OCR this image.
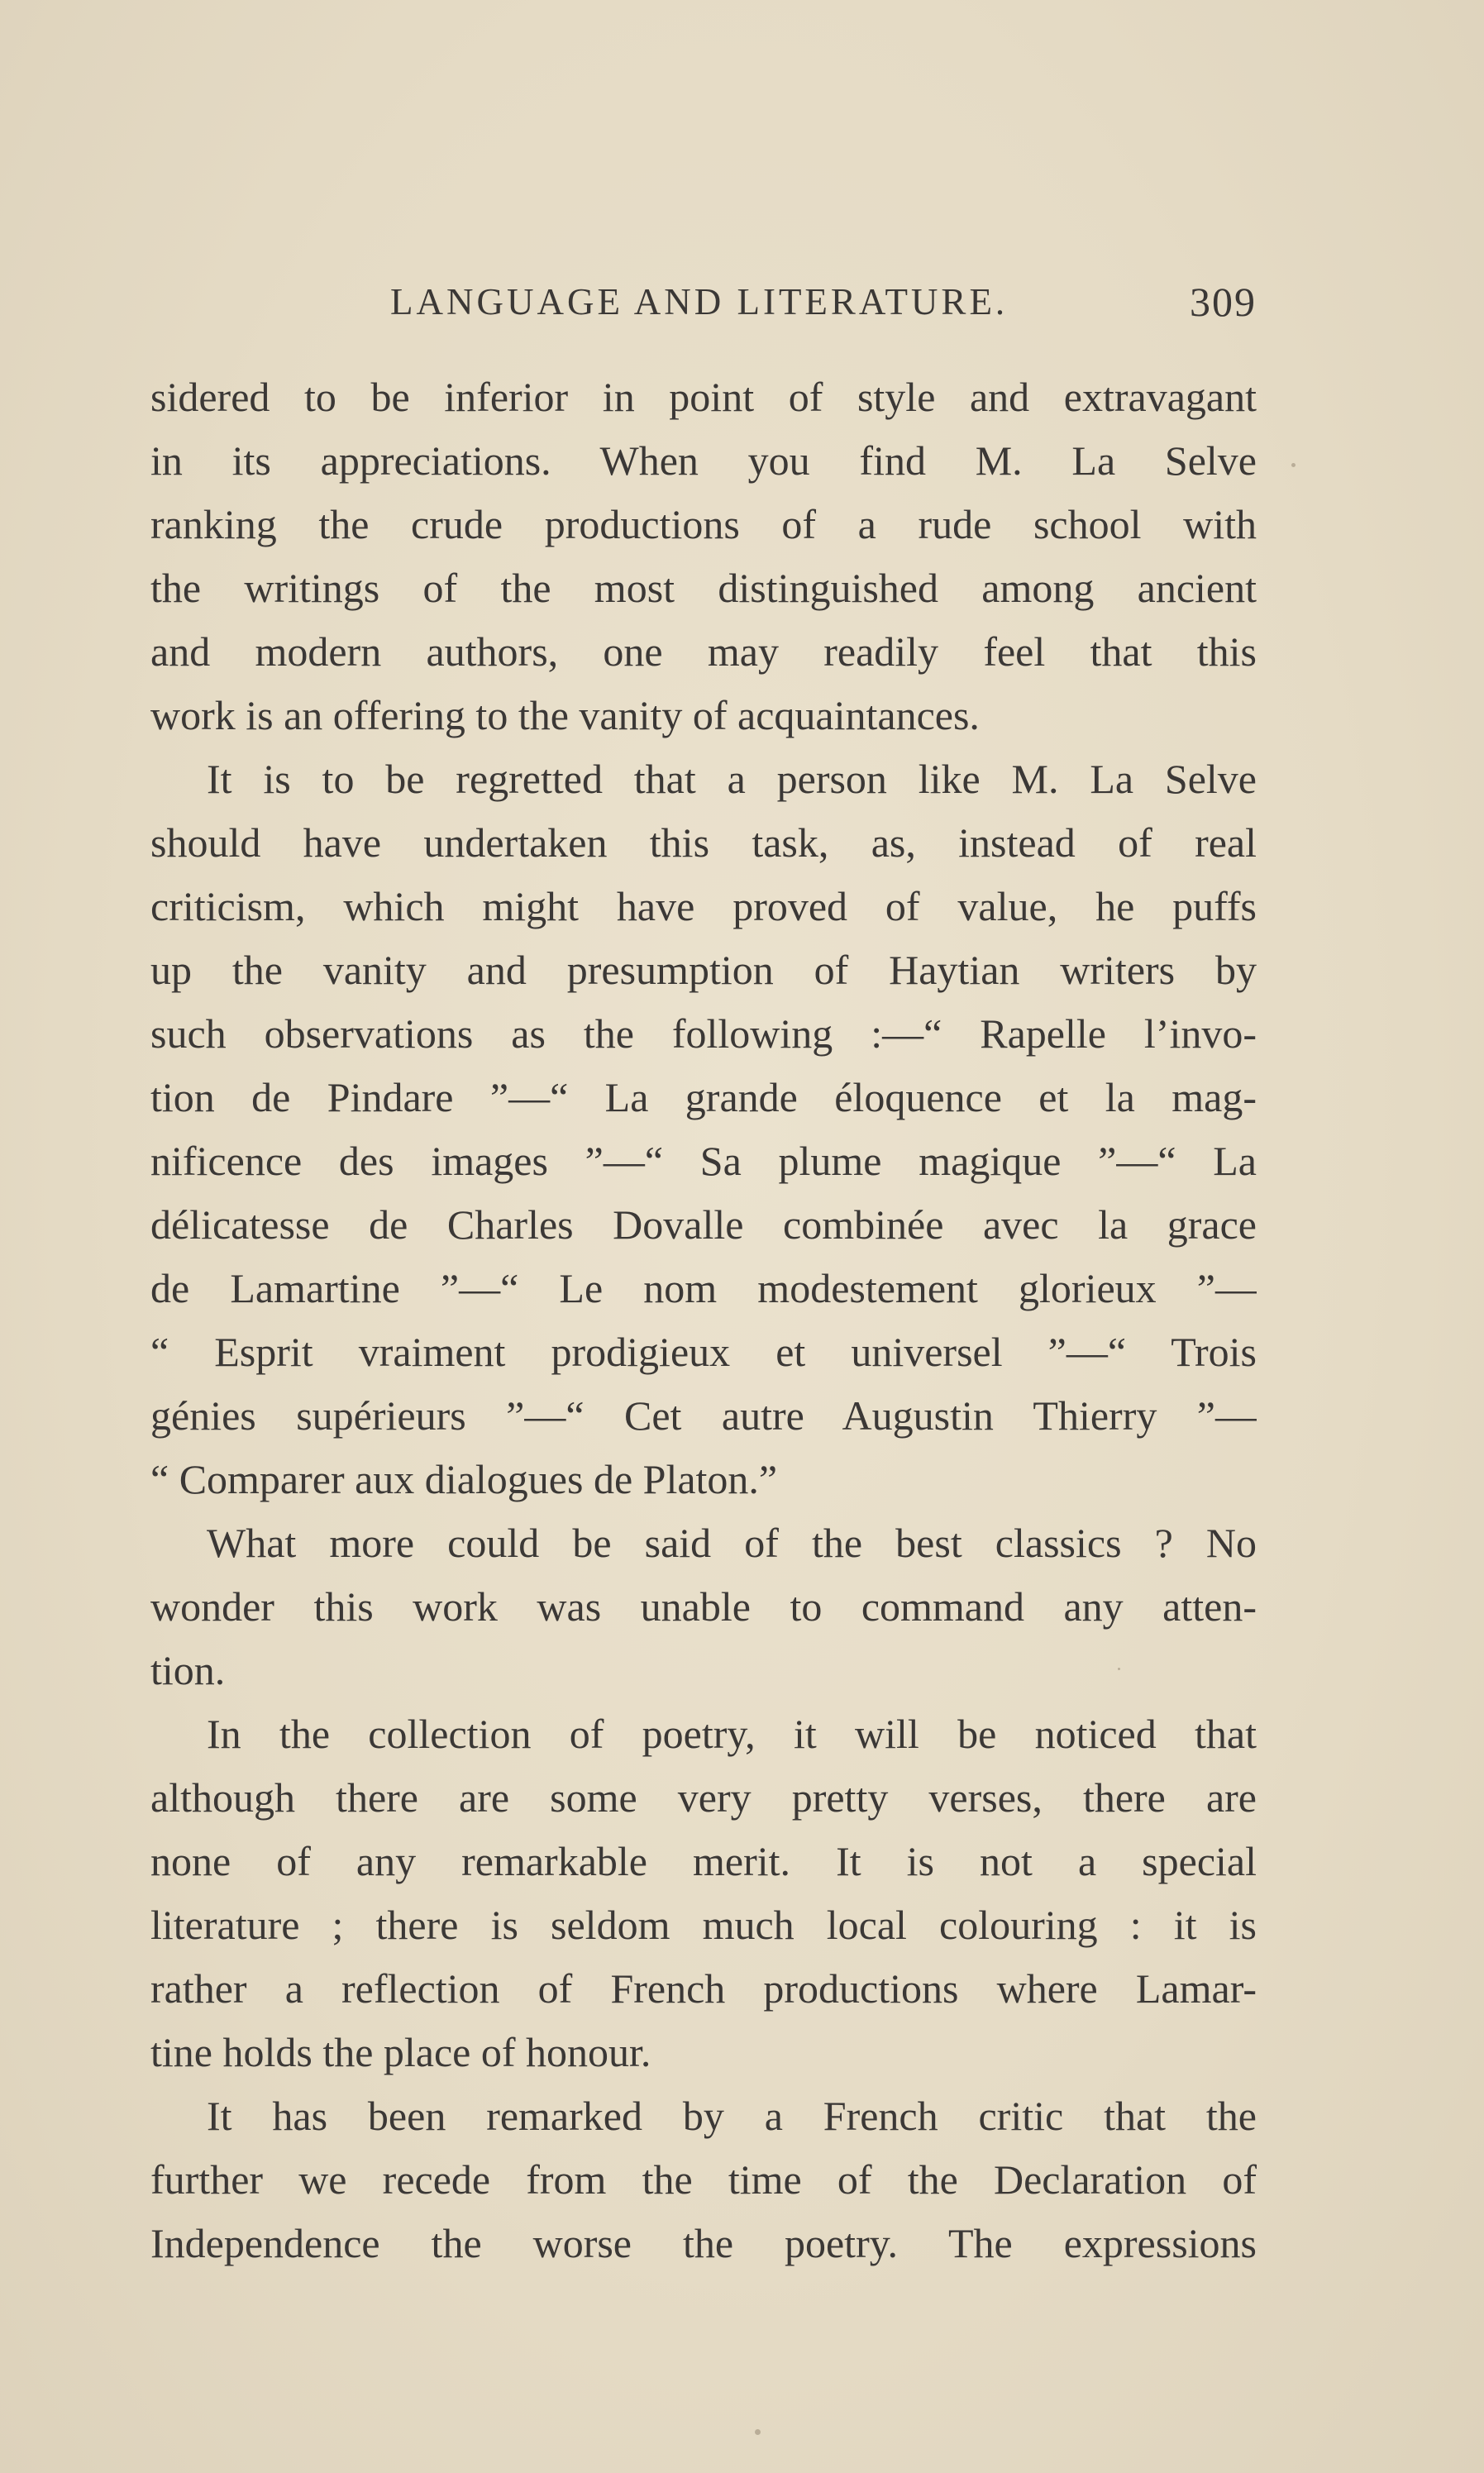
LANGUAGE AND LITERATURE.	309
sidered to be inferior in point of style and extravagant
in its appreciations. When you find M. La Selve
ranking the crude productions of a rude school with
the writings of the most distinguished among ancient
and modern authors, one may readily feel that this
work is an offering to the vanity of acquaintances.
It is to be regretted that a person like M. La Selve
should have undertaken this task, as, instead of real
criticism, which might have proved of value, he puffs
up the vanity and presumption of Haytian writers by
such observations as the following :—“ Rapelle l’invo-
tion de Pindare ”—“ La grande éloquence et la mag-
nificence des images ”—“ Sa plume magique ”—“ La
délicatesse de Charles Dovalle combinée avec la grace
de Lamartine ”—“ Le nom modestement glorieux ”—
“ Esprit vraiment prodigieux et universel ”—“ Trois
génies supérieurs ”—“ Cet autre Augustin Thierry ”—
“ Comparer aux dialogues de Platon.”
What more could be said of the best classics ? No
wonder this work was unable to command any atten-
tion.
In the collection of poetry, it will be noticed that
although there are some very pretty verses, there are
none of any remarkable merit. It is not a special
literature ; there is seldom much local colouring : it is
rather a reflection of French productions where Lamar-
tine holds the place of honour.
It has been remarked by a French critic that the
further we recede from the time of the Declaration of
Independence the worse the poetry. The expressions
